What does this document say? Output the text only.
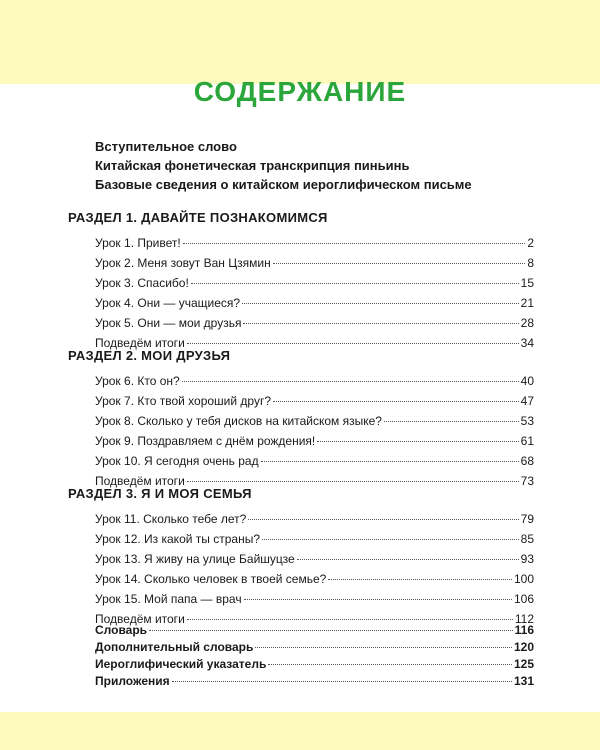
СОДЕРЖАНИЕ
Вступительное слово
Китайская фонетическая транскрипция пиньинь
Базовые сведения о китайском иероглифическом письме
РАЗДЕЛ 1. ДАВАЙТЕ ПОЗНАКОМИМСЯ
Урок 1. Привет!	2
Урок 2. Меня зовут Ван Цзямин	8
Урок 3. Спасибо!	15
Урок 4. Они — учащиеся?	21
Урок 5. Они — мои друзья	28
Подведём итоги	34
РАЗДЕЛ 2. МОИ ДРУЗЬЯ
Урок 6. Кто он?	40
Урок 7. Кто твой хороший друг?	47
Урок 8. Сколько у тебя дисков на китайском языке?	53
Урок 9. Поздравляем с днём рождения!	61
Урок 10. Я сегодня очень рад	68
Подведём итоги	73
РАЗДЕЛ 3. Я И МОЯ СЕМЬЯ
Урок 11. Сколько тебе лет?	79
Урок 12. Из какой ты страны?	85
Урок 13. Я живу на улице Байшуцзе	93
Урок 14. Сколько человек в твоей семье?	100
Урок 15. Мой папа — врач	106
Подведём итоги	112
Словарь	116
Дополнительный словарь	120
Иероглифический указатель	125
Приложения	131
